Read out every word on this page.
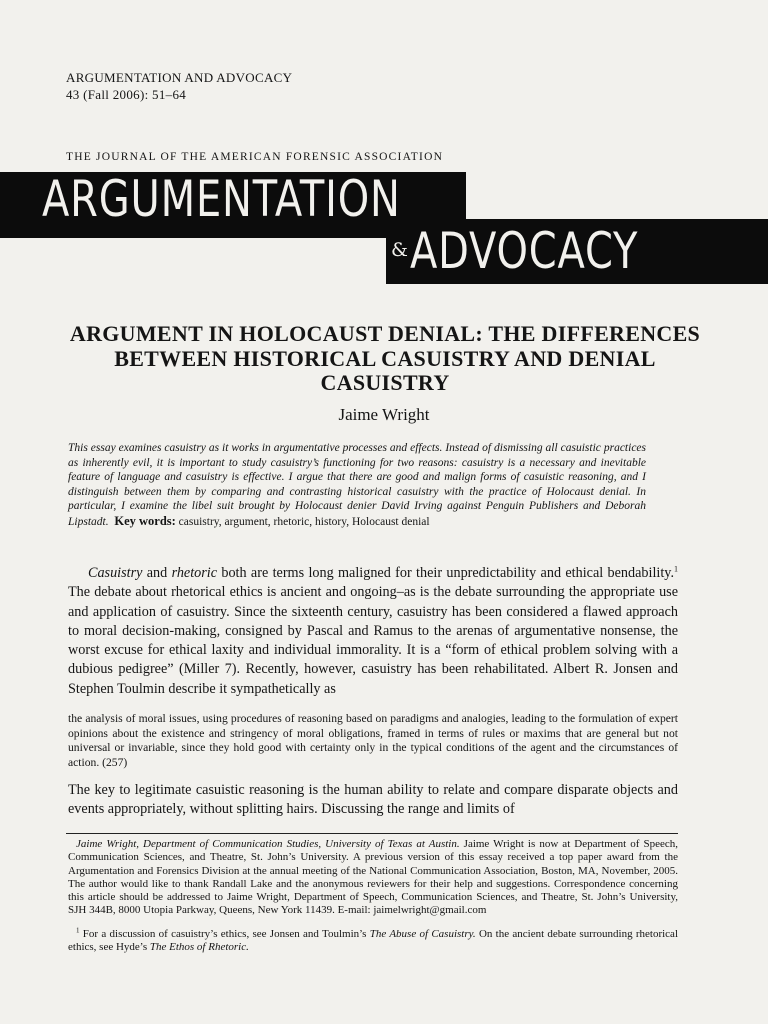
ARGUMENTATION AND ADVOCACY
43 (Fall 2006): 51–64
THE JOURNAL OF THE AMERICAN FORENSIC ASSOCIATION
ARGUMENTATION
& ADVOCACY
ARGUMENT IN HOLOCAUST DENIAL: THE DIFFERENCES BETWEEN HISTORICAL CASUISTRY AND DENIAL CASUISTRY
Jaime Wright
This essay examines casuistry as it works in argumentative processes and effects. Instead of dismissing all casuistic practices as inherently evil, it is important to study casuistry’s functioning for two reasons: casuistry is a necessary and inevitable feature of language and casuistry is effective. I argue that there are good and malign forms of casuistic reasoning, and I distinguish between them by comparing and contrasting historical casuistry with the practice of Holocaust denial. In particular, I examine the libel suit brought by Holocaust denier David Irving against Penguin Publishers and Deborah Lipstadt. Key words: casuistry, argument, rhetoric, history, Holocaust denial
Casuistry and rhetoric both are terms long maligned for their unpredictability and ethical bendability.$^1$ The debate about rhetorical ethics is ancient and ongoing–as is the debate surrounding the appropriate use and application of casuistry. Since the sixteenth century, casuistry has been considered a flawed approach to moral decision-making, consigned by Pascal and Ramus to the arenas of argumentative nonsense, the worst excuse for ethical laxity and individual immorality. It is a “form of ethical problem solving with a dubious pedigree” (Miller 7). Recently, however, casuistry has been rehabilitated. Albert R. Jonsen and Stephen Toulmin describe it sympathetically as
the analysis of moral issues, using procedures of reasoning based on paradigms and analogies, leading to the formulation of expert opinions about the existence and stringency of moral obligations, framed in terms of rules or maxims that are general but not universal or invariable, since they hold good with certainty only in the typical conditions of the agent and the circumstances of action. (257)
The key to legitimate casuistic reasoning is the human ability to relate and compare disparate objects and events appropriately, without splitting hairs. Discussing the range and limits of
Jaime Wright, Department of Communication Studies, University of Texas at Austin. Jaime Wright is now at Department of Speech, Communication Sciences, and Theatre, St. John’s University. A previous version of this essay received a top paper award from the Argumentation and Forensics Division at the annual meeting of the National Communication Association, Boston, MA, November, 2005. The author would like to thank Randall Lake and the anonymous reviewers for their help and suggestions. Correspondence concerning this article should be addressed to Jaime Wright, Department of Speech, Communication Sciences, and Theatre, St. John’s University, SJH 344B, 8000 Utopia Parkway, Queens, New York 11439. E-mail: jaimelwright@gmail.com
$^1$ For a discussion of casuistry’s ethics, see Jonsen and Toulmin’s The Abuse of Casuistry. On the ancient debate surrounding rhetorical ethics, see Hyde’s The Ethos of Rhetoric.
